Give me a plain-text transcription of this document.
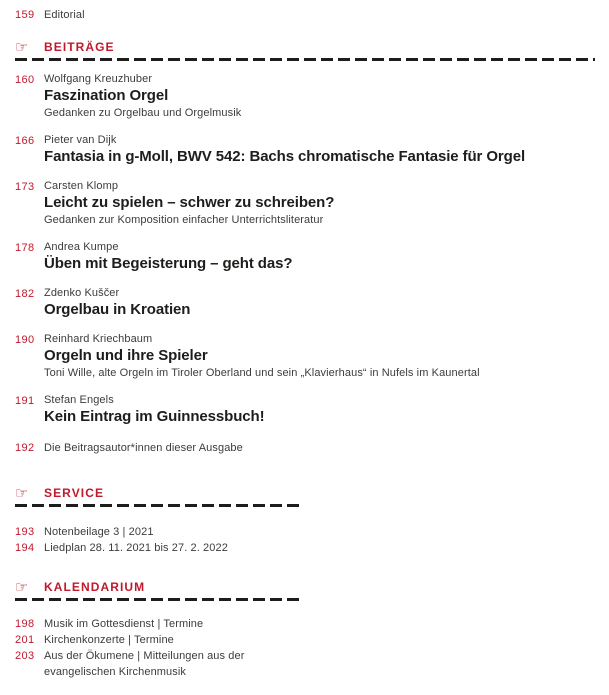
159 Editorial
☞	BEITRÄGE
160 Wolfgang Kreuzhuber
Faszination Orgel
Gedanken zu Orgelbau und Orgelmusik
166 Pieter van Dijk
Fantasia in g-Moll, BWV 542: Bachs chromatische Fantasie für Orgel
173 Carsten Klomp
Leicht zu spielen – schwer zu schreiben?
Gedanken zur Komposition einfacher Unterrichtsliteratur
178 Andrea Kumpe
Üben mit Begeisterung – geht das?
182 Zdenko Kuščer
Orgelbau in Kroatien
190 Reinhard Kriechbaum
Orgeln und ihre Spieler
Toni Wille, alte Orgeln im Tiroler Oberland und sein „Klavierhaus“ in Nufels im Kaunertal
191 Stefan Engels
Kein Eintrag im Guinnessbuch!
192 Die Beitragsautor*innen dieser Ausgabe
☞	SERVICE
193 Notenbeilage 3 | 2021
194 Liedplan 28. 11. 2021 bis 27. 2. 2022
☞	KALENDARIUM
198 Musik im Gottesdienst | Termine
201 Kirchenkonzerte | Termine
203 Aus der Ökumene | Mitteilungen aus der evangelischen Kirchenmusik
